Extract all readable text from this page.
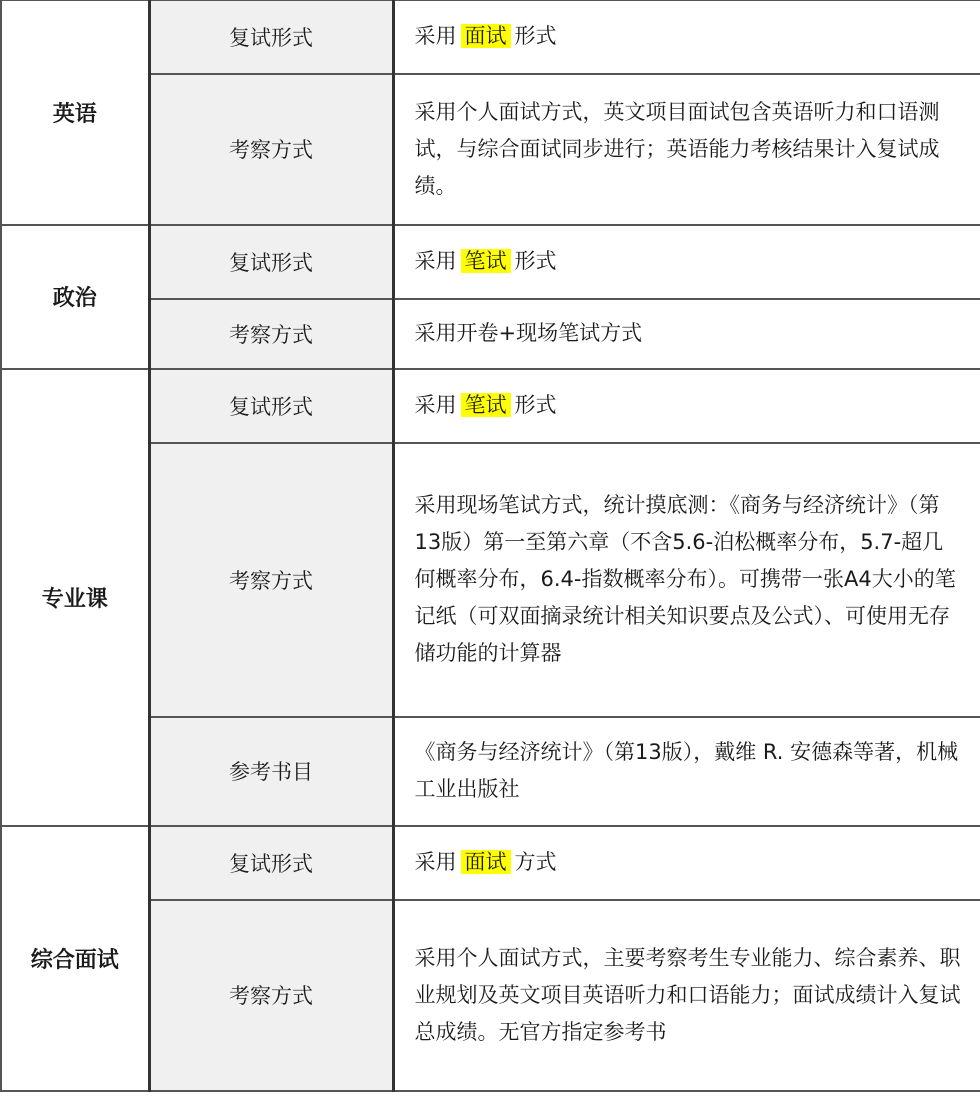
英语	复试形式	采用 面试 形式
	考察方式	采用个人面试方式，英文项目面试包含英语听力和口语测试，与综合面试同步进行；英语能力考核结果计入复试成绩。
政治	复试形式	采用 笔试 形式
	考察方式	采用开卷+现场笔试方式
专业课	复试形式	采用 笔试 形式
	考察方式	采用现场笔试方式，统计摸底测：《商务与经济统计》（第13版）第一至第六章（不含5.6-泊松概率分布，5.7-超几何概率分布，6.4-指数概率分布）。可携带一张A4大小的笔记纸（可双面摘录统计相关知识要点及公式）、可使用无存储功能的计算器
	参考书目	《商务与经济统计》（第13版），戴维 R. 安德森等著，机械工业出版社
综合面试	复试形式	采用 面试 方式
	考察方式	采用个人面试方式，主要考察考生专业能力、综合素养、职业规划及英文项目英语听力和口语能力；面试成绩计入复试总成绩。无官方指定参考书
